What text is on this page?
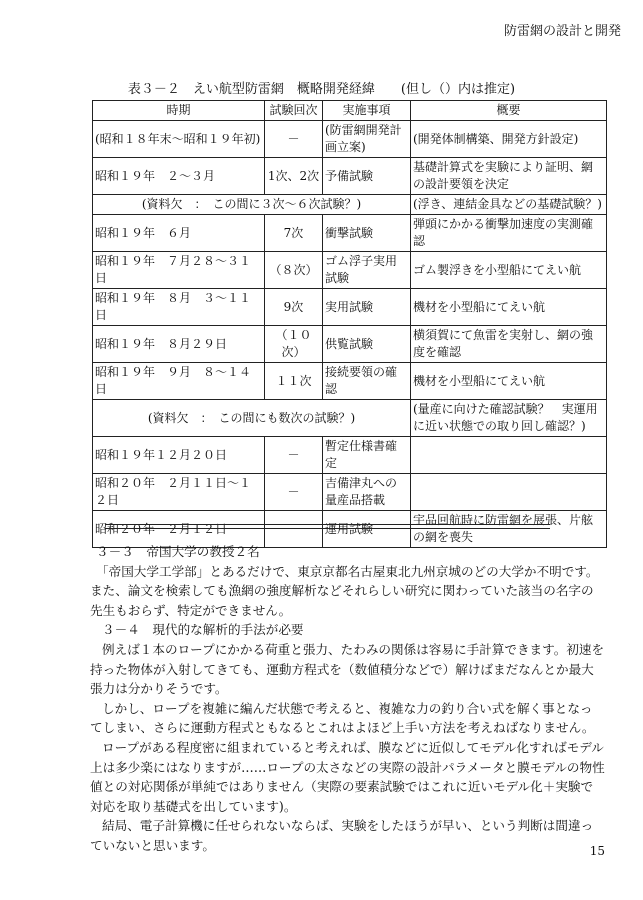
防雷網の設計と開発
表３－２　えい航型防雷網　概略開発経緯　　(但し（）内は推定)
時期	試験回次	実施事項	概要
(昭和１８年末～昭和１９年初)	－	(防雷網開発計画立案)	(開発体制構築、開発方針設定)
昭和１９年　２～３月	1次、2次	予備試験	基礎計算式を実験により証明、網の設計要領を決定
(資料欠　：　この間に３次～６次試験？)			(浮き、連結金具などの基礎試験？)
昭和１９年　６月	7次	衝撃試験	弾頭にかかる衝撃加速度の実測確認
昭和１９年　７月２８～３１日	（８次）	ゴム浮子実用試験	ゴム製浮きを小型船にてえい航
昭和１９年　８月　３～１１日	9次	実用試験	機材を小型船にてえい航
昭和１９年　８月２９日	（１０次）	供覧試験	横須賀にて魚雷を実射し、網の強度を確認
昭和１９年　９月　８～１４日	１１次	接続要領の確認	機材を小型船にてえい航
(資料欠　：　この間にも数次の試験？)			(量産に向けた確認試験？　実運用に近い状態での取り回し確認？)
昭和１９年１２月２０日	－	暫定仕様書確定	
昭和２０年　２月１１日～１２日	－	吉備津丸への量産品搭載	
昭和２０年　２月１２日	－	運用試験	宇品回航時に防雷網を展張、片舷の網を喪失

３－３　帝国大学の教授２名

「帝国大学工学部」とあるだけで、東京京都名古屋東北九州京城のどの大学か不明です。また、論文を検索しても漁網の強度解析などそれらしい研究に関わっていた該当の名字の先生もおらず、特定ができません。

３－４　現代的な解析的手法が必要

例えば１本のロープにかかる荷重と張力、たわみの関係は容易に手計算できます。初速を持った物体が入射してきても、運動方程式を（数値積分などで）解けばまだなんとか最大張力は分かりそうです。

しかし、ロープを複雑に編んだ状態で考えると、複雑な力の釣り合い式を解く事となってしまい、さらに運動方程式ともなるとこれはよほど上手い方法を考えねばなりません。

ロープがある程度密に組まれていると考えれば、膜などに近似してモデル化すればモデル上は多少楽にはなりますが……ロープの太さなどの実際の設計パラメータと膜モデルの物性値との対応関係が単純ではありません（実際の要素試験ではこれに近いモデル化＋実験で対応を取り基礎式を出しています)。

結局、電子計算機に任せられないならば、実験をしたほうが早い、という判断は間違っていないと思います。	15
